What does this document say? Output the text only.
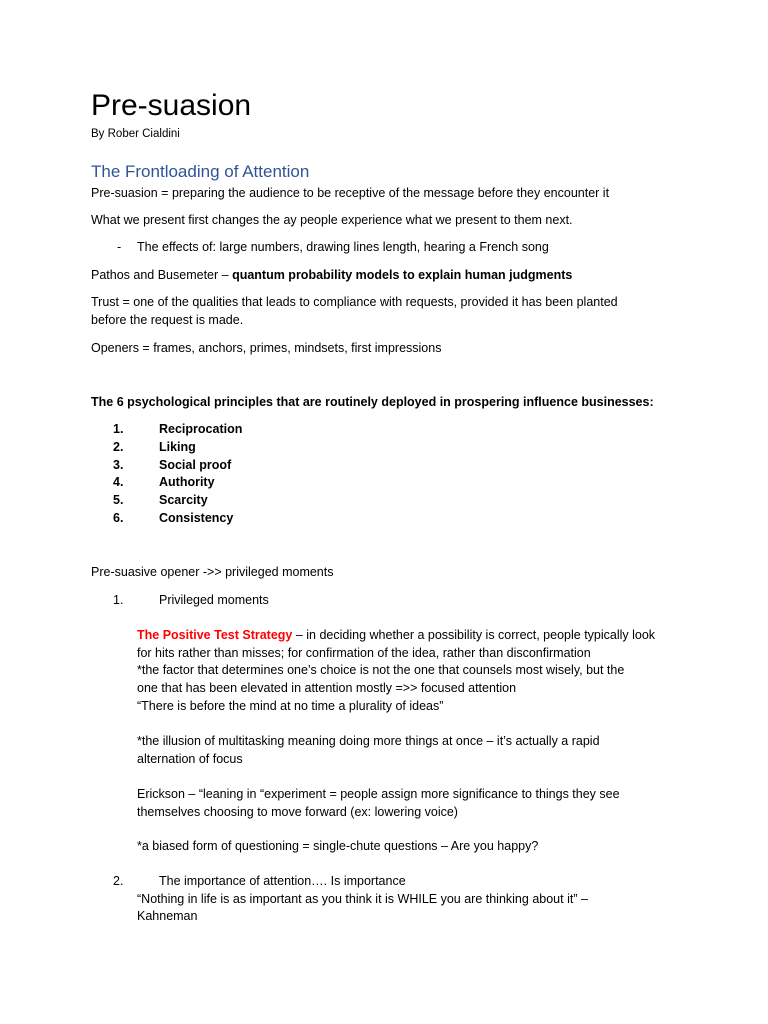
Pre-suasion
By Rober Cialdini
The Frontloading of Attention
Pre-suasion = preparing the audience to be receptive of the message before they encounter it
What we present first changes the ay people experience what we present to them next.
- The effects of: large numbers, drawing lines length, hearing a French song
Pathos and Busemeter – quantum probability models to explain human judgments
Trust = one of the qualities that leads to compliance with requests, provided it has been planted
before the request is made.
Openers = frames, anchors, primes, mindsets, first impressions
The 6 psychological principles that are routinely deployed in prospering influence businesses:
1.	Reciprocation
2.	Liking
3.	Social proof
4.	Authority
5.	Scarcity
6.	Consistency
Pre-suasive opener ->> privileged moments
1.	Privileged moments
The Positive Test Strategy – in deciding whether a possibility is correct, people typically look
for hits rather than misses; for confirmation of the idea, rather than disconfirmation
*the factor that determines one’s choice is not the one that counsels most wisely, but the
one that has been elevated in attention mostly =>> focused attention
“There is before the mind at no time a plurality of ideas”
*the illusion of multitasking meaning doing more things at once – it’s actually a rapid
alternation of focus
Erickson – “leaning in “experiment = people assign more significance to things they see
themselves choosing to move forward (ex: lowering voice)
*a biased form of questioning = single-chute questions – Are you happy?
2.	The importance of attention…. Is importance
“Nothing in life is as important as you think it is WHILE you are thinking about it” –
Kahneman
